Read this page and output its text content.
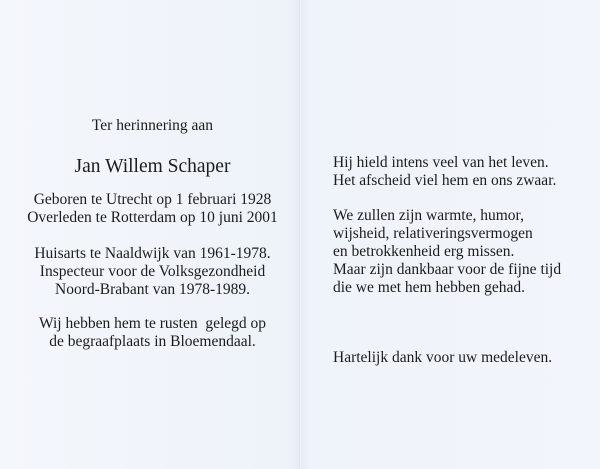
Ter herinnering aan
Jan Willem Schaper
Geboren te Utrecht op 1 februari 1928
Overleden te Rotterdam op 10 juni 2001
Huisarts te Naaldwijk van 1961-1978.
Inspecteur voor de Volksgezondheid
Noord-Brabant van 1978-1989.
Wij hebben hem te rusten  gelegd op
de begraafplaats in Bloemendaal.
Hij hield intens veel van het leven.
Het afscheid viel hem en ons zwaar.
We zullen zijn warmte, humor,
wijsheid, relativeringsvermogen
en betrokkenheid erg missen.
Maar zijn dankbaar voor de fijne tijd
die we met hem hebben gehad.
Hartelijk dank voor uw medeleven.
